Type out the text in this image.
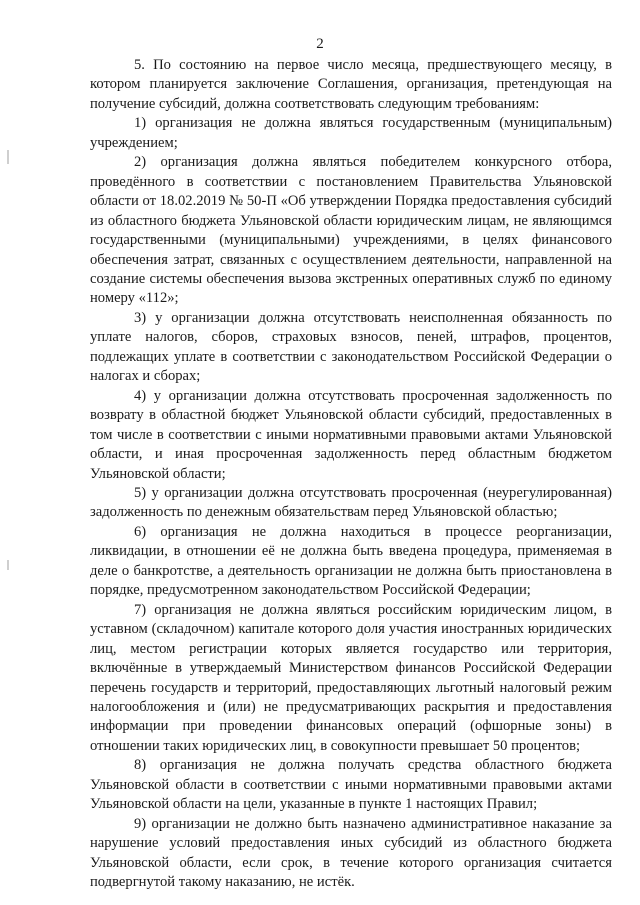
2

5. По состоянию на первое число месяца, предшествующего месяцу, в котором планируется заключение Соглашения, организация, претендующая на получение субсидий, должна соответствовать следующим требованиям:

1) организация не должна являться государственным (муниципальным) учреждением;

2) организация должна являться победителем конкурсного отбора, проведённого в соответствии с постановлением Правительства Ульяновской области от 18.02.2019 № 50-П «Об утверждении Порядка предоставления субсидий из областного бюджета Ульяновской области юридическим лицам, не являющимся государственными (муниципальными) учреждениями, в целях финансового обеспечения затрат, связанных с осуществлением деятельности, направленной на создание системы обеспечения вызова экстренных оперативных служб по единому номеру «112»;

3) у организации должна отсутствовать неисполненная обязанность по уплате налогов, сборов, страховых взносов, пеней, штрафов, процентов, подлежащих уплате в соответствии с законодательством Российской Федерации о налогах и сборах;

4) у организации должна отсутствовать просроченная задолженность по возврату в областной бюджет Ульяновской области субсидий, предоставленных в том числе в соответствии с иными нормативными правовыми актами Ульяновской области, и иная просроченная задолженность перед областным бюджетом Ульяновской области;

5) у организации должна отсутствовать просроченная (неурегулированная) задолженность по денежным обязательствам перед Ульяновской областью;

6) организация не должна находиться в процессе реорганизации, ликвидации, в отношении её не должна быть введена процедура, применяемая в деле о банкротстве, а деятельность организации не должна быть приостановлена в порядке, предусмотренном законодательством Российской Федерации;

7) организация не должна являться российским юридическим лицом, в уставном (складочном) капитале которого доля участия иностранных юридических лиц, местом регистрации которых является государство или территория, включённые в утверждаемый Министерством финансов Российской Федерации перечень государств и территорий, предоставляющих льготный налоговый режим налогообложения и (или) не предусматривающих раскрытия и предоставления информации при проведении финансовых операций (офшорные зоны) в отношении таких юридических лиц, в совокупности превышает 50 процентов;

8) организация не должна получать средства областного бюджета Ульяновской области в соответствии с иными нормативными правовыми актами Ульяновской области на цели, указанные в пункте 1 настоящих Правил;

9) организации не должно быть назначено административное наказание за нарушение условий предоставления иных субсидий из областного бюджета Ульяновской области, если срок, в течение которого организация считается подвергнутой такому наказанию, не истёк.
